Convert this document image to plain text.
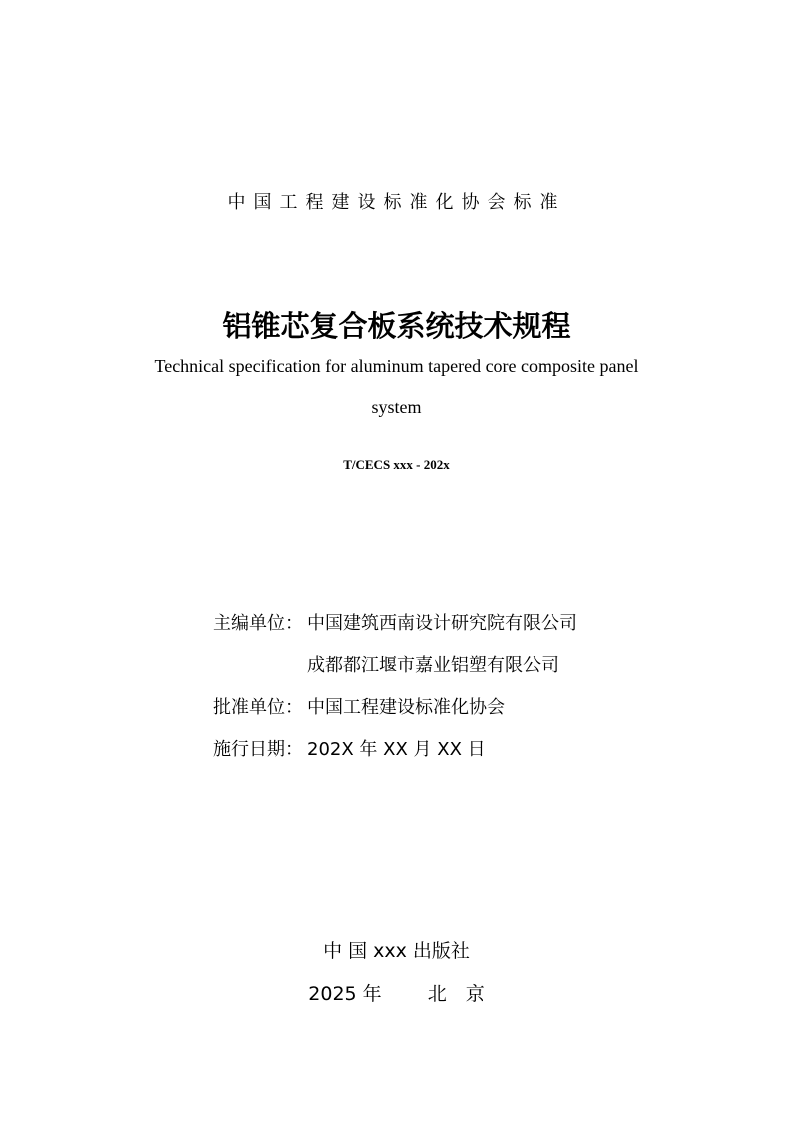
中国工程建设标准化协会标准
铝锥芯复合板系统技术规程
Technical specification for aluminum tapered core composite panel
system
T/CECS xxx - 202x
主编单位： 中国建筑西南设计研究院有限公司
成都都江堰市嘉业铝塑有限公司
批准单位： 中国工程建设标准化协会
施行日期： 202X 年 XX 月 XX 日
中 国 xxx 出版社
2025 年 北　京
